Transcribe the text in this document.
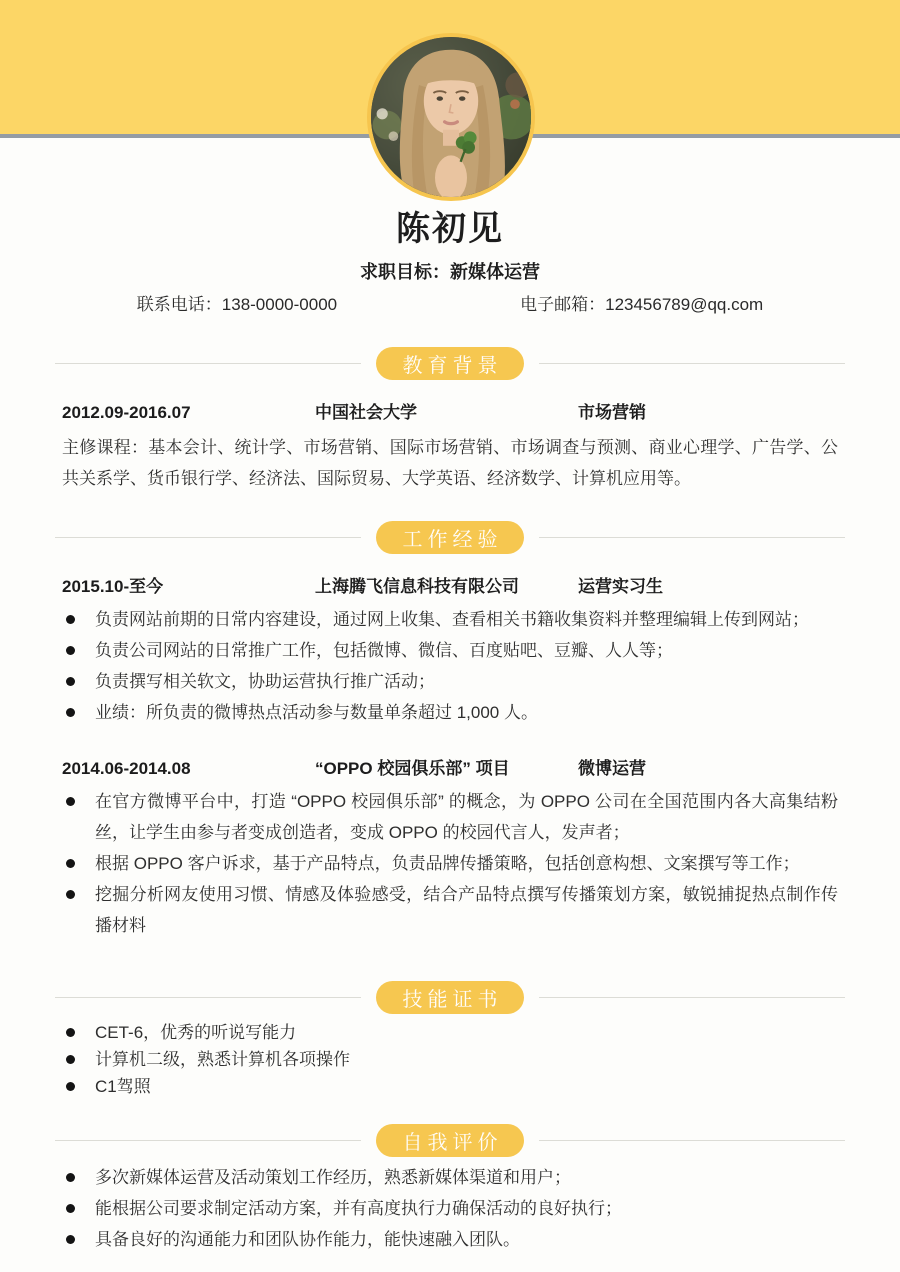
陈初见
求职目标：新媒体运营
联系电话：138-0000-0000	电子邮箱：123456789@qq.com
教育背景
2012.09-2016.07	中国社会大学	市场营销
主修课程：基本会计、统计学、市场营销、国际市场营销、市场调查与预测、商业心理学、广告学、公共关系学、货币银行学、经济法、国际贸易、大学英语、经济数学、计算机应用等。
工作经验
2015.10-至今	上海腾飞信息科技有限公司	运营实习生
负责网站前期的日常内容建设，通过网上收集、查看相关书籍收集资料并整理编辑上传到网站；
负责公司网站的日常推广工作，包括微博、微信、百度贴吧、豆瓣、人人等；
负责撰写相关软文，协助运营执行推广活动；
业绩：所负责的微博热点活动参与数量单条超过 1,000 人。
2014.06-2014.08	“OPPO 校园俱乐部” 项目	微博运营
在官方微博平台中，打造 “OPPO 校园俱乐部” 的概念，为 OPPO 公司在全国范围内各大高集结粉丝，让学生由参与者变成创造者，变成 OPPO 的校园代言人，发声者；
根据 OPPO 客户诉求，基于产品特点，负责品牌传播策略，包括创意构想、文案撰写等工作；
挖掘分析网友使用习惯、情感及体验感受，结合产品特点撰写传播策划方案，敏锐捕捉热点制作传播材料
技能证书
CET-6，优秀的听说写能力
计算机二级，熟悉计算机各项操作
C1驾照
自我评价
多次新媒体运营及活动策划工作经历，熟悉新媒体渠道和用户；
能根据公司要求制定活动方案，并有高度执行力确保活动的良好执行；
具备良好的沟通能力和团队协作能力，能快速融入团队。
